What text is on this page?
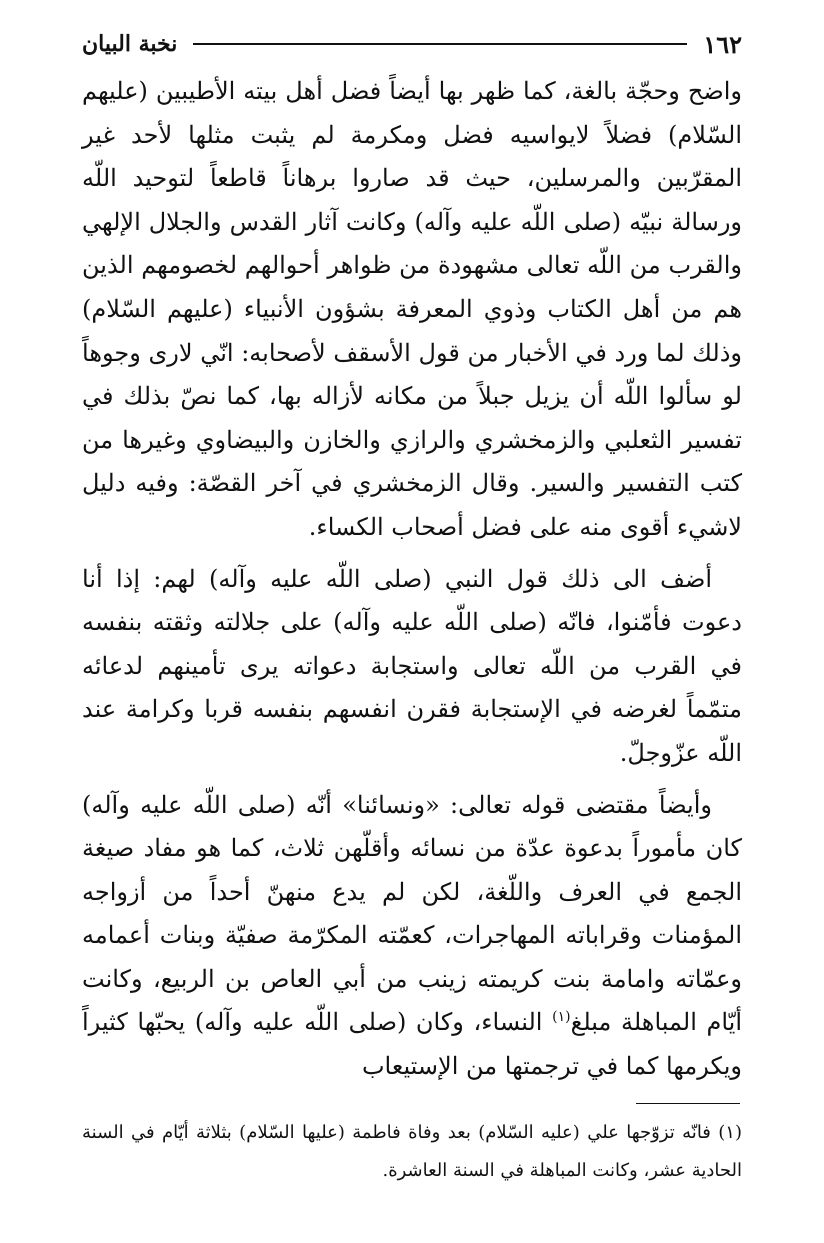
١٦٢
نخبة البيان

واضح وحجّة بالغة، كما ظهر بها أيضاً فضل أهل بيته الأطيبين (عليهم السّلام) فضلاً لايواسيه فضل ومكرمة لم يثبت مثلها لأحد غير المقرّبين والمرسلين، حيث قد صاروا برهاناً قاطعاً لتوحيد اللّه ورسالة نبيّه (صلى اللّه عليه وآله) وكانت آثار القدس والجلال الإلهي والقرب من اللّه تعالى مشهودة من ظواهر أحوالهم لخصومهم الذين هم من أهل الكتاب وذوي المعرفة بشؤون الأنبياء (عليهم السّلام) وذلك لما ورد في الأخبار من قول الأسقف لأصحابه: انّي لارى وجوهاً لو سألوا اللّه أن يزيل جبلاً من مكانه لأزاله بها، كما نصّ بذلك في تفسير الثعلبي والزمخشري والرازي والخازن والبيضاوي وغيرها من كتب التفسير والسير. وقال الزمخشري في آخر القصّة: وفيه دليل لاشيء أقوى منه على فضل أصحاب الكساء.

أضف الى ذلك قول النبي (صلى اللّه عليه وآله) لهم: إذا أنا دعوت فأمّنوا، فانّه (صلى اللّه عليه وآله) على جلالته وثقته بنفسه في القرب من اللّه تعالى واستجابة دعواته يرى تأمينهم لدعائه متمّماً لغرضه في الإستجابة فقرن انفسهم بنفسه قربا وكرامة عند اللّه عزّوجلّ.

وأيضاً مقتضى قوله تعالى: «ونسائنا» أنّه (صلى اللّه عليه وآله) كان مأموراً بدعوة عدّة من نسائه وأقلّهن ثلاث، كما هو مفاد صيغة الجمع في العرف واللّغة، لكن لم يدع منهنّ أحداً من أزواجه المؤمنات وقراباته المهاجرات، كعمّته المكرّمة صفيّة وبنات أعمامه وعمّاته وامامة بنت كريمته زينب من أبي العاص بن الربيع، وكانت أيّام المباهلة مبلغ$^{(١)}$ النساء، وكان (صلى اللّه عليه وآله) يحبّها كثيراً ويكرمها كما في ترجمتها من الإستيعاب

(١) فانّه تزوّجها علي (عليه السّلام) بعد وفاة فاطمة (عليها السّلام) بثلاثة أيّام في السنة الحادية عشر، وكانت المباهلة في السنة العاشرة.
